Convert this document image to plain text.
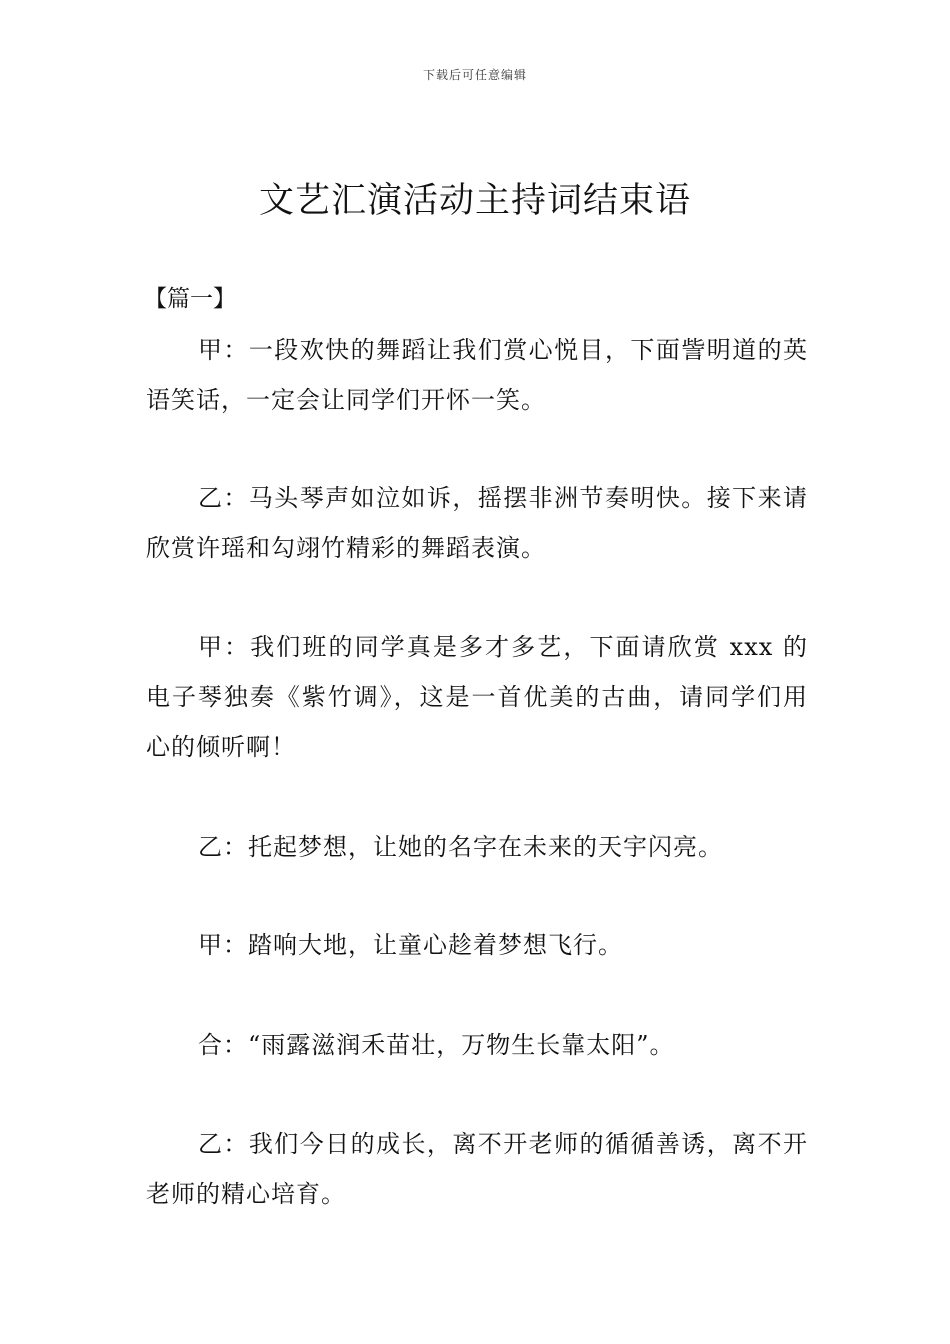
下载后可任意编辑
文艺汇演活动主持词结束语
【篇一】

甲：一段欢快的舞蹈让我们赏心悦目，下面訾明道的英语笑话，一定会让同学们开怀一笑。

乙：马头琴声如泣如诉，摇摆非洲节奏明快。接下来请欣赏许瑶和勾翊竹精彩的舞蹈表演。

甲：我们班的同学真是多才多艺，下面请欣赏 xxx 的电子琴独奏《紫竹调》，这是一首优美的古曲，请同学们用心的倾听啊！

乙：托起梦想，让她的名字在未来的天宇闪亮。

甲：踏响大地，让童心趁着梦想飞行。

合：“雨露滋润禾苗壮，万物生长靠太阳”。

乙：我们今日的成长，离不开老师的循循善诱，离不开老师的精心培育。
